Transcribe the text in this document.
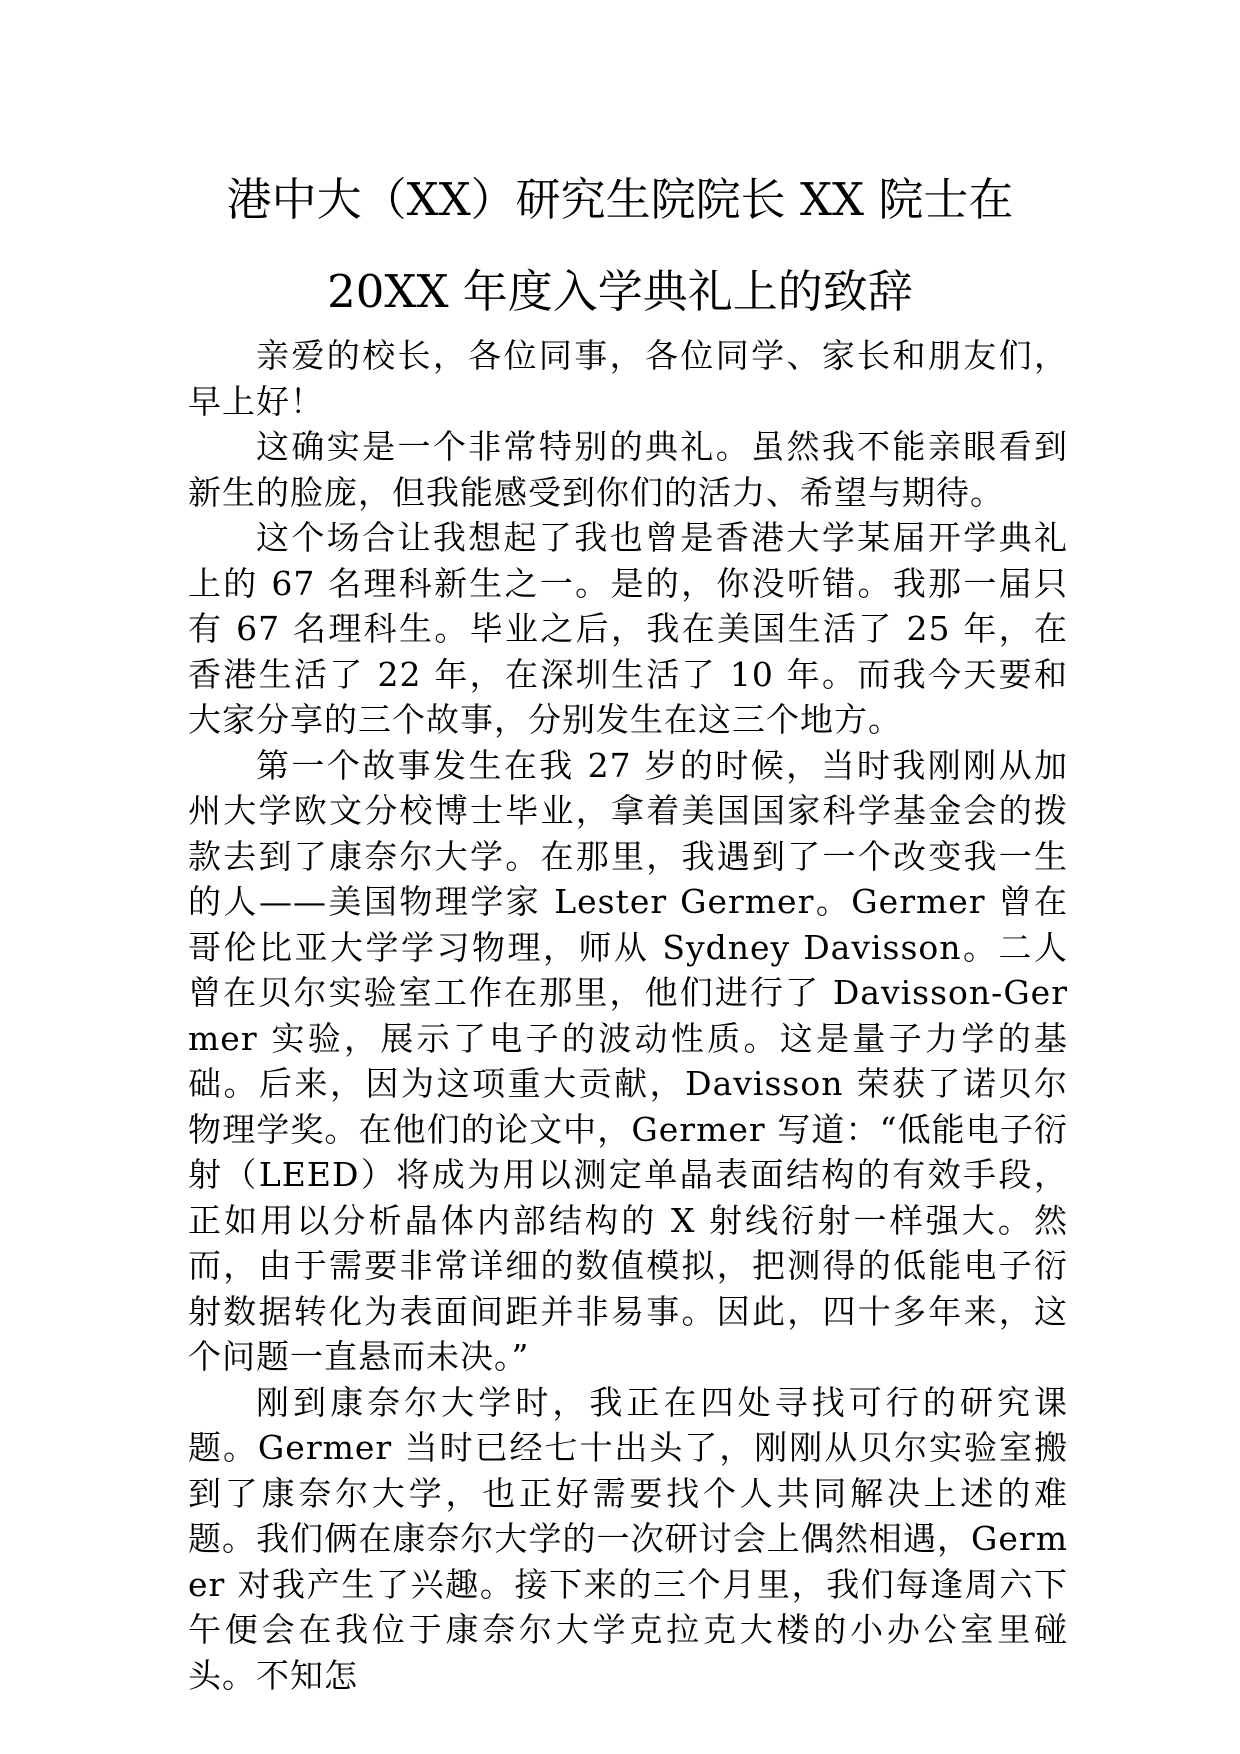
港中大（XX）研究生院院长 XX 院士在
20XX 年度入学典礼上的致辞

亲爱的校长，各位同事，各位同学、家长和朋友们，早上好！

这确实是一个非常特别的典礼。虽然我不能亲眼看到新生的脸庞，但我能感受到你们的活力、希望与期待。

这个场合让我想起了我也曾是香港大学某届开学典礼上的 67 名理科新生之一。是的，你没听错。我那一届只有 67 名理科生。毕业之后，我在美国生活了 25 年，在香港生活了 22 年，在深圳生活了 10 年。而我今天要和大家分享的三个故事，分别发生在这三个地方。

第一个故事发生在我 27 岁的时候，当时我刚刚从加州大学欧文分校博士毕业，拿着美国国家科学基金会的拨款去到了康奈尔大学。在那里，我遇到了一个改变我一生的人——美国物理学家 Lester Germer。Germer 曾在哥伦比亚大学学习物理，师从 Sydney Davisson。二人曾在贝尔实验室工作在那里，他们进行了 Davisson-Germer 实验，展示了电子的波动性质。这是量子力学的基础。后来，因为这项重大贡献，Davisson 荣获了诺贝尔物理学奖。在他们的论文中，Germer 写道：“低能电子衍射（LEED）将成为用以测定单晶表面结构的有效手段，正如用以分析晶体内部结构的 X 射线衍射一样强大。然而，由于需要非常详细的数值模拟，把测得的低能电子衍射数据转化为表面间距并非易事。因此，四十多年来，这个问题一直悬而未决。”

刚到康奈尔大学时，我正在四处寻找可行的研究课题。Germer 当时已经七十出头了，刚刚从贝尔实验室搬到了康奈尔大学，也正好需要找个人共同解决上述的难题。我们俩在康奈尔大学的一次研讨会上偶然相遇，Germer 对我产生了兴趣。接下来的三个月里，我们每逢周六下午便会在我位于康奈尔大学克拉克大楼的小办公室里碰头。不知怎
